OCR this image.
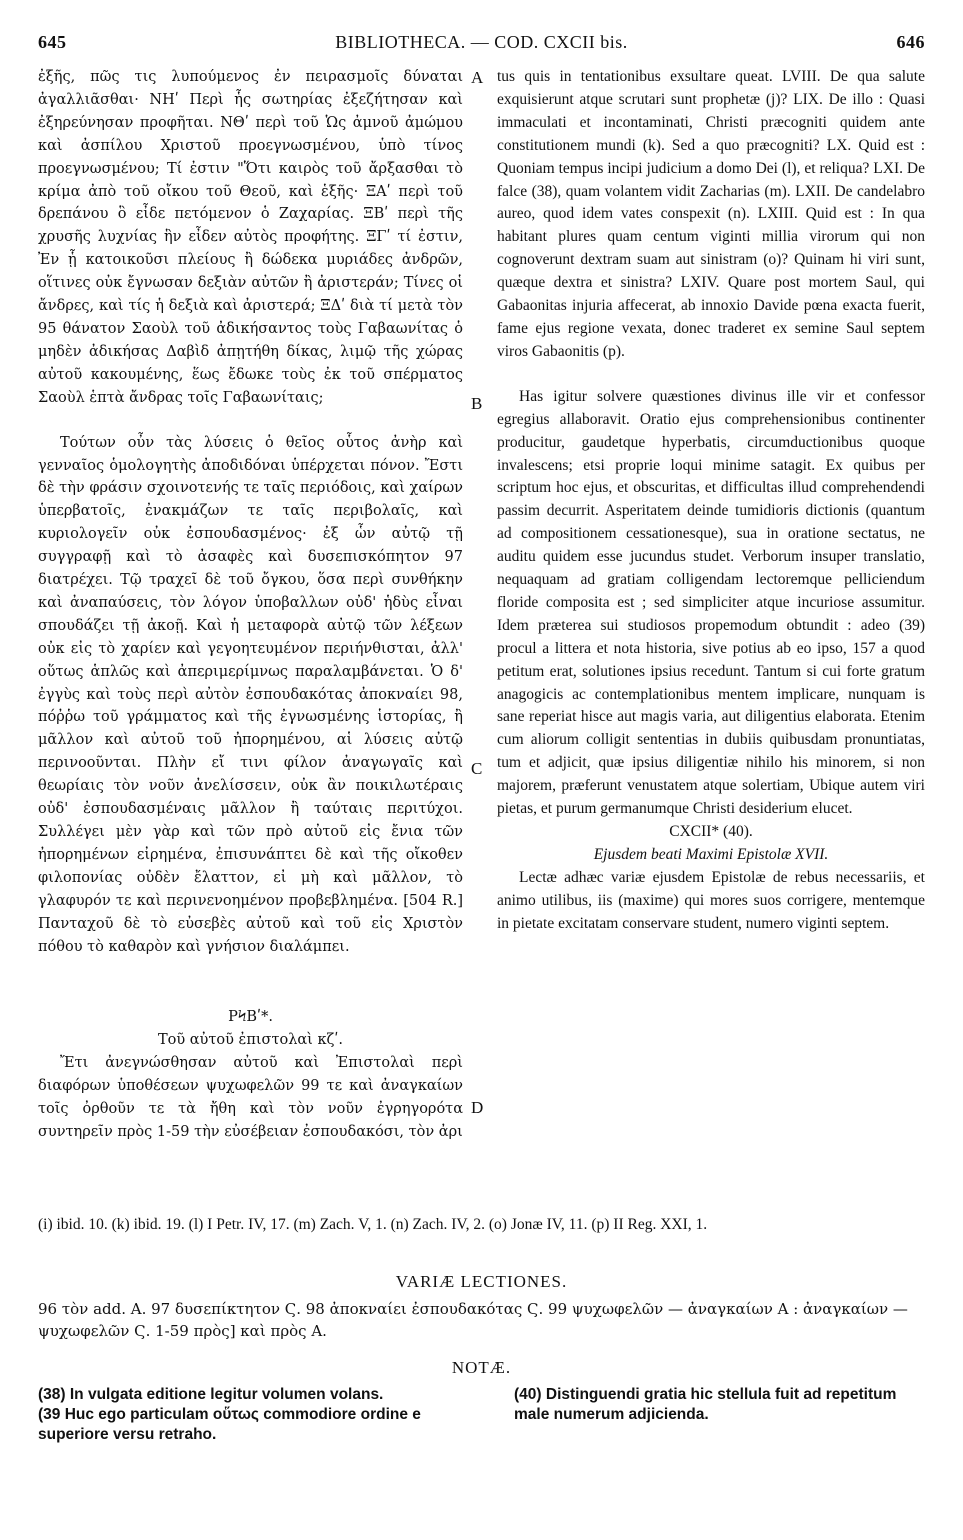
645	BIBLIOTHECA. — COD. CXCII bis.	646

ἐξῆς, πῶς τις λυπούμενος ἐν πειρασμοῖς δύναται ἀγαλλιᾶσθαι· ΝΗʹ Περὶ ἧς σωτηρίας ἐξεζήτησαν καὶ ἐξηρεύνησαν προφῆται. ΝΘʹ περὶ τοῦ Ὡς ἀμνοῦ ἀμώμου καὶ ἀσπίλου Χριστοῦ προεγνωσμένου, ὑπὸ τίνος προεγνωσμένου; Τί ἐστιν "Ὅτι καιρὸς τοῦ ἄρξασθαι τὸ κρίμα ἀπὸ τοῦ οἴκου τοῦ Θεοῦ, καὶ ἑξῆς· ΞΑʹ περὶ τοῦ δρεπάνου ὃ εἶδε πετόμενον ὁ Ζαχαρίας. ΞΒʹ περὶ τῆς χρυσῆς λυχνίας ἣν εἶδεν αὐτὸς προφήτης. ΞΓʹ τί ἐστιν, Ἐν ᾗ κατοικοῦσι πλείους ἢ δώδεκα μυριάδες ἀνδρῶν, οἵτινες οὐκ ἔγνωσαν δεξιὰν αὐτῶν ἢ ἀριστεράν; Τίνες οἱ ἄνδρες, καὶ τίς ἡ δεξιὰ καὶ ἀριστερά; ΞΔʹ διὰ τί μετὰ τὸν 95 θάνατον Σαοὺλ τοῦ ἀδικήσαντος τοὺς Γαβαωνίτας ὁ μηδὲν ἀδικήσας Δαβὶδ ἀπῃτήθη δίκας, λιμῷ τῆς χώρας αὐτοῦ κακουμένης, ἕως ἔδωκε τοὺς ἐκ τοῦ σπέρματος Σαοὺλ ἑπτὰ ἄνδρας τοῖς Γαβαωνίταις;

Τούτων οὖν τὰς λύσεις ὁ θεῖος οὗτος ἀνὴρ καὶ γενναῖος ὁμολογητὴς ἀποδιδόναι ὑπέρχεται πόνον. Ἔστι δὲ τὴν φράσιν σχοινοτενής τε ταῖς περιόδοις, καὶ χαίρων ὑπερβατοῖς, ἐνακμάζων τε ταῖς περιβολαῖς, καὶ κυριολογεῖν οὐκ ἐσπουδασμένος· ἐξ ὧν αὐτῷ τῇ συγγραφῇ καὶ τὸ ἀσαφὲς καὶ δυσεπισκόπητον 97 διατρέχει. Τῷ τραχεῖ δὲ τοῦ ὄγκου, ὅσα περὶ συνθήκην καὶ ἀναπαύσεις, τὸν λόγον ὑποβαλλων οὐδ' ἡδὺς εἶναι σπουδάζει τῇ ἀκοῇ. Καὶ ἡ μεταφορὰ αὐτῷ τῶν λέξεων οὐκ εἰς τὸ χαρίεν καὶ γεγοητευμένον περιήνθισται, ἀλλ' οὕτως ἁπλῶς καὶ ἀπεριμερίμνως παραλαμβάνεται. Ὁ δ' ἐγγὺς καὶ τοὺς περὶ αὐτὸν ἐσπουδακότας ἀποκναίει 98, πόῤῥω τοῦ γράμματος καὶ τῆς ἐγνωσμένης ἱστορίας, ἢ μᾶλλον καὶ αὐτοῦ τοῦ ἠπορημένου, αἱ λύσεις αὐτῷ περινοοῦνται. Πλὴν εἴ τινι φίλον ἀναγωγαῖς καὶ θεωρίαις τὸν νοῦν ἀνελίσσειν, οὐκ ἂν ποικιλωτέραις οὐδ' ἐσπουδασμέναις μᾶλλον ἢ ταύταις περιτύχοι. Συλλέγει μὲν γὰρ καὶ τῶν πρὸ αὐτοῦ εἰς ἔνια τῶν ἠπορημένων εἰρημένα, ἐπισυνάπτει δὲ καὶ τῆς οἴκοθεν φιλοπονίας οὐδὲν ἔλαττον, εἰ μὴ καὶ μᾶλλον, τὸ γλαφυρόν τε καὶ περινενοημένον προβεβλημένα. [504 R.] Πανταχοῦ δὲ τὸ εὐσεβὲς αὐτοῦ καὶ τοῦ εἰς Χριστὸν πόθου τὸ καθαρὸν καὶ γνήσιον διαλάμπει.

ΡϞΒʹ*.
Τοῦ αὐτοῦ ἐπιστολαὶ κζʹ.

Ἔτι ἀνεγνώσθησαν αὐτοῦ καὶ Ἐπιστολαὶ περὶ διαφόρων ὑποθέσεων ψυχωφελῶν 99 τε καὶ ἀναγκαίων τοῖς ὀρθοῦν τε τὰ ἤθη καὶ τὸν νοῦν ἐγρηγορότα συντηρεῖν πρὸς 1-59 τὴν εὐσέβειαν ἐσπουδακόσι, τὸν ἀρι

A
B
C
D

tus quis in tentationibus exsultare queat. LVIII. De qua salute exquisierunt atque scrutari sunt prophetæ (j)? LIX. De illo : Quasi immaculati et incontaminati, Christi præcogniti quidem ante constitutionem mundi (k). Sed a quo præcogniti? LX. Quid est : Quoniam tempus incipi judicium a domo Dei (l), et reliqua? LXI. De falce (38), quam volantem vidit Zacharias (m). LXII. De candelabro aureo, quod idem vates conspexit (n). LXIII. Quid est : In qua habitant plures quam centum viginti millia virorum qui non cognoverunt dextram suam aut sinistram (o)? Quinam hi viri sunt, quæque dextra et sinistra? LXIV. Quare post mortem Saul, qui Gabaonitas injuria affecerat, ab innoxio Davide pœna exacta fuerit, fame ejus regione vexata, donec traderet ex semine Saul septem viros Gabaonitis (p).

Has igitur solvere quæstiones divinus ille vir et confessor egregius allaboravit. Oratio ejus comprehensionibus continenter producitur, gaudetque hyperbatis, circumductionibus quoque invalescens; etsi proprie loqui minime satagit. Ex quibus per scriptum hoc ejus, et obscuritas, et difficultas illud comprehendendi passim decurrit. Asperitatem deinde tumidioris dictionis (quantum ad compositionem cessationesque), sua in oratione sectatus, ne auditu quidem esse jucundus studet. Verborum insuper translatio, nequaquam ad gratiam colligendam lectoremque pelliciendum floride composita est ; sed simpliciter atque incuriose assumitur. Idem præterea sui studiosos propemodum obtundit : adeo (39) procul a littera et nota historia, sive potius ab eo ipso, 157 a quod petitum erat, solutiones ipsius recedunt. Tantum si cui forte gratum anagogicis ac contemplationibus mentem implicare, nunquam is sane reperiat hisce aut magis varia, aut diligentius elaborata. Etenim cum aliorum colligit sententias in dubiis quibusdam pronuntiatas, tum et adjicit, quæ ipsius diligentiæ nihilo his minorem, si non majorem, præferunt venustatem atque solertiam, Ubique autem viri pietas, et purum germanumque Christi desiderium elucet.

CXCII* (40).
Ejusdem beati Maximi Epistolæ XVII.

Lectæ adhæc variæ ejusdem Epistolæ de rebus necessariis, et animo utilibus, iis (maxime) qui mores suos corrigere, mentemque in pietate excitatam conservare student, numero viginti septem.

(i) ibid. 10. (k) ibid. 19. (l) I Petr. IV, 17. (m) Zach. V, 1. (n) Zach. IV, 2. (o) Jonæ IV, 11. (p) II Reg. XXI, 1.
VARIÆ LECTIONES.
96 τὸν add. A. 97 δυσεπίκτητον Ϛ. 98 ἀποκναίει ἐσπουδακότας Ϛ. 99 ψυχωφελῶν — ἀναγκαίων A : ἀναγκαίων — ψυχωφελῶν Ϛ. 1-59 πρὸς] καὶ πρὸς A.
NOTÆ.
(38) In vulgata editione legitur volumen volans.
(39 Huc ego particulam οὕτως commodiore ordine e superiore versu retraho.
(40) Distinguendi gratia hic stellula fuit ad repetitum male numerum adjicienda.
